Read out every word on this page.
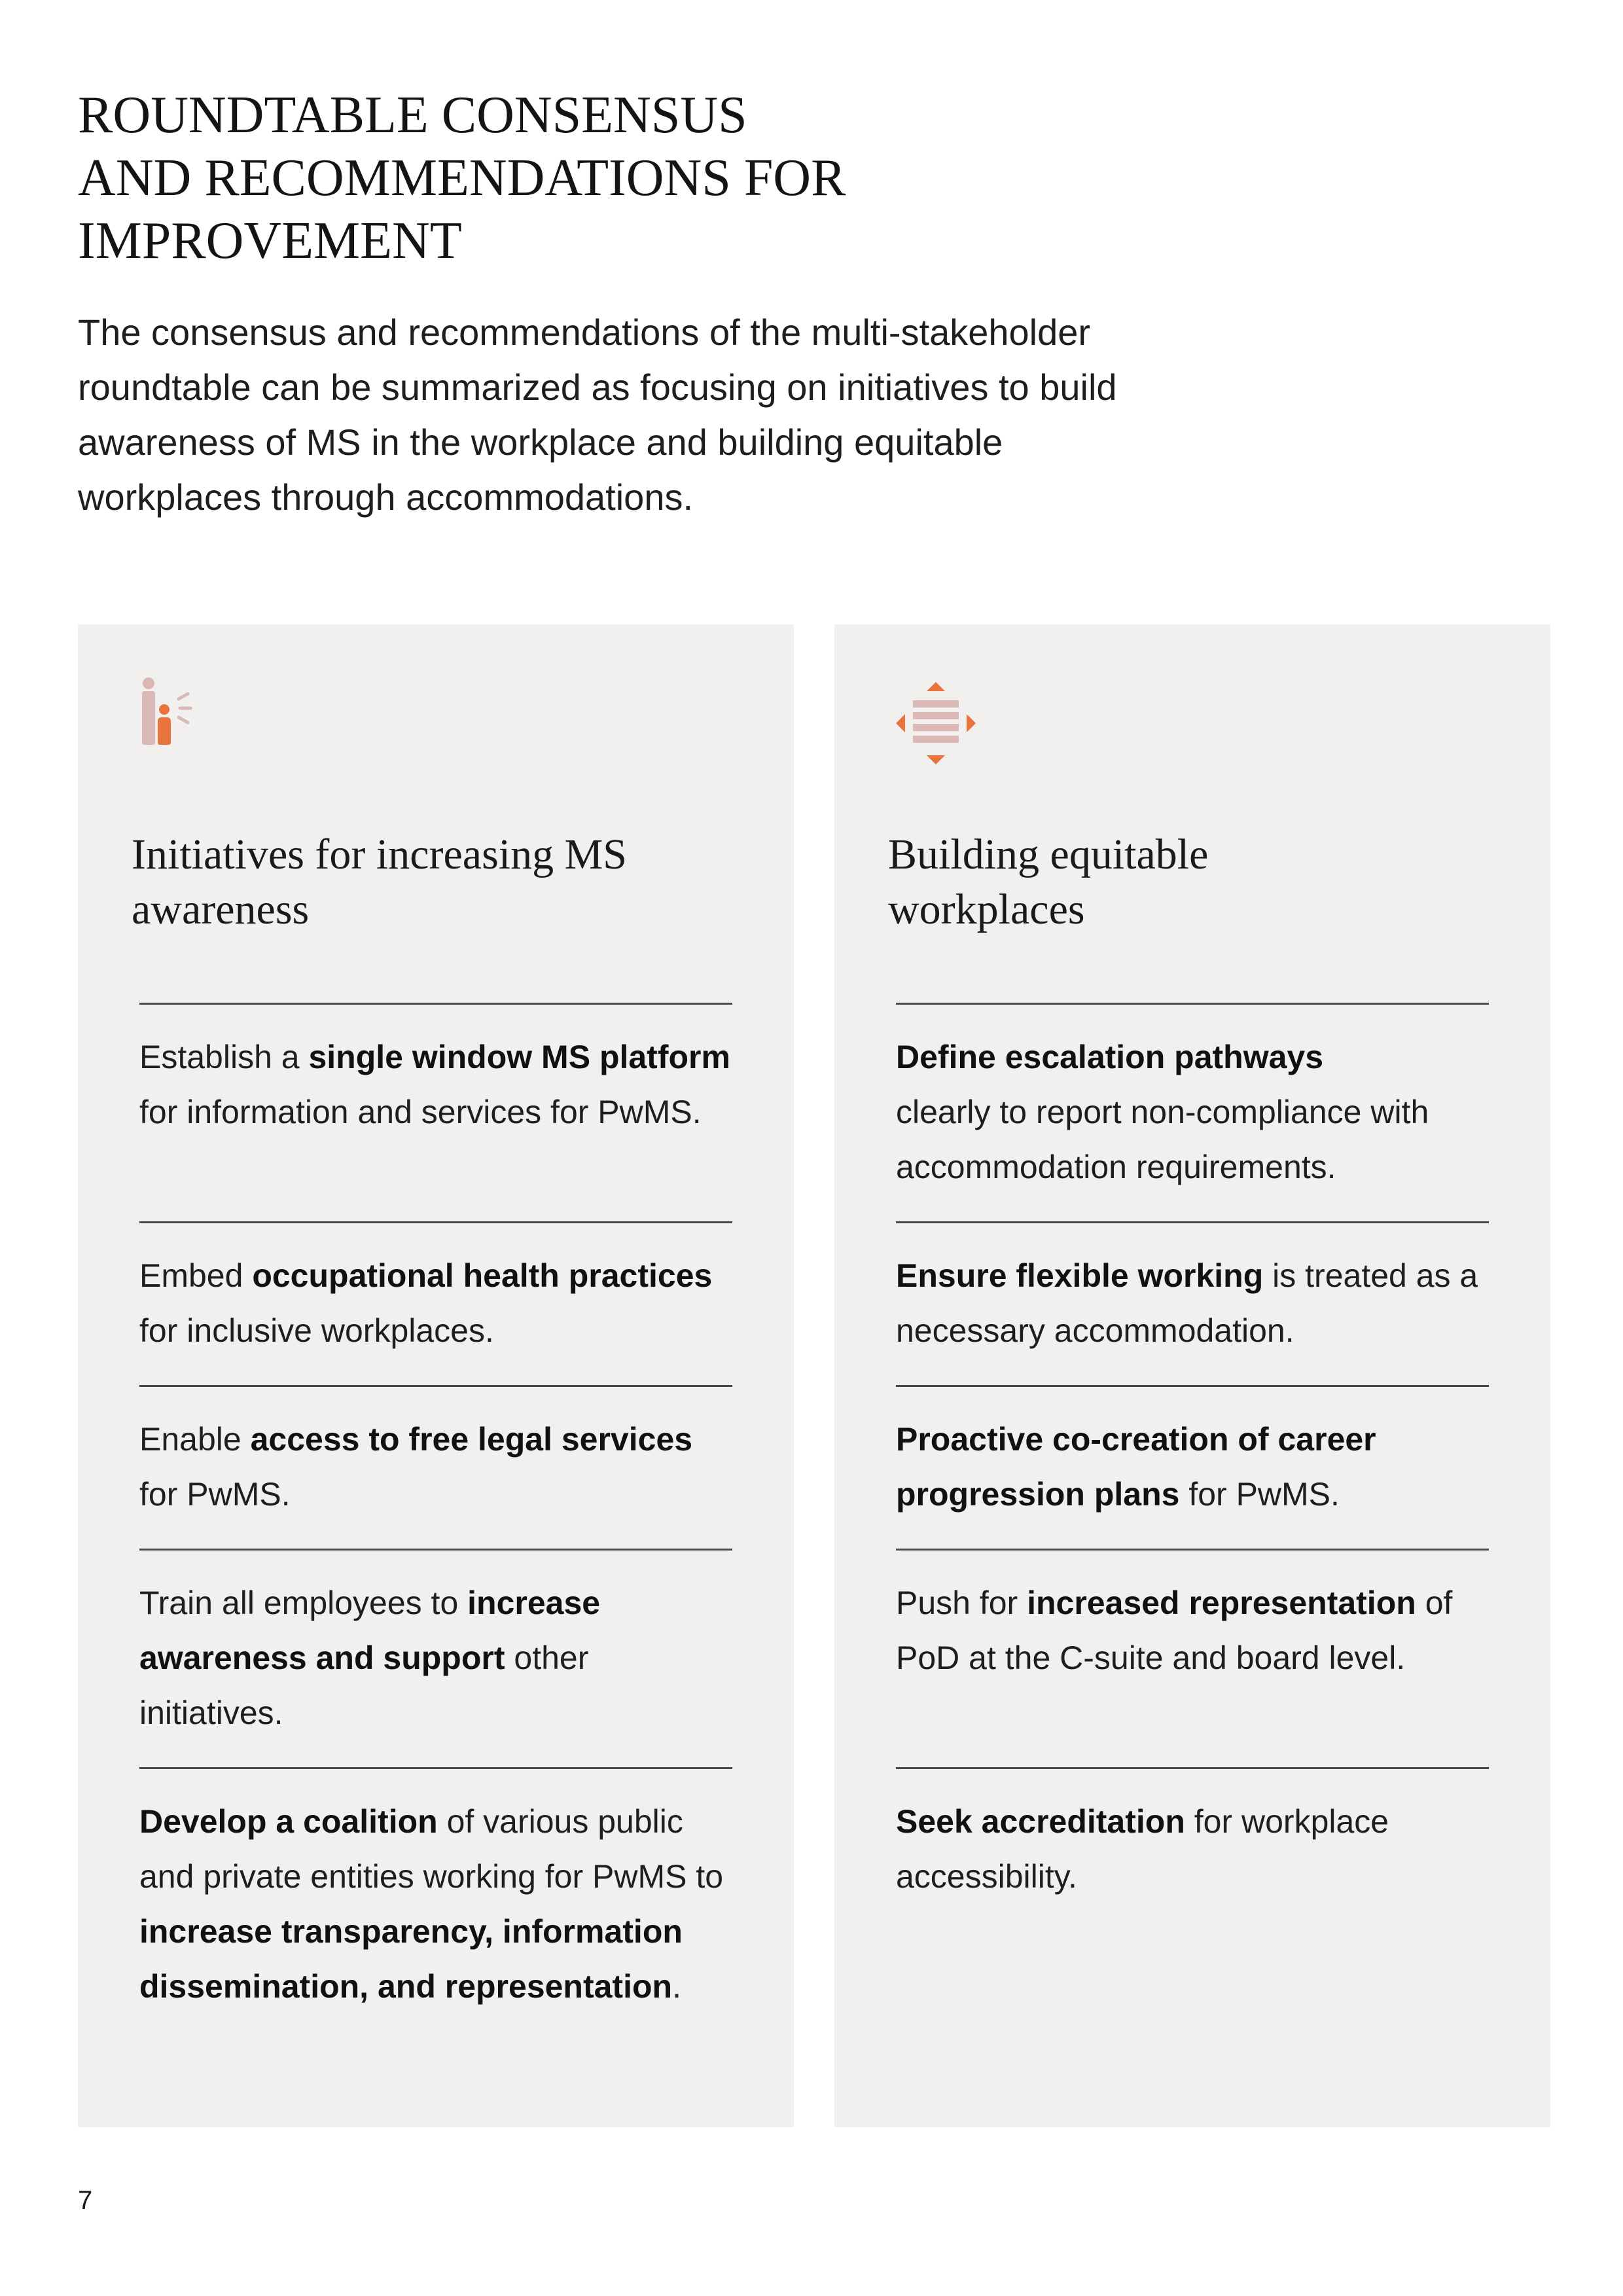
ROUNDTABLE CONSENSUS
AND RECOMMENDATIONS FOR
IMPROVEMENT

The consensus and recommendations of the multi-stakeholder roundtable can be summarized as focusing on initiatives to build awareness of MS in the workplace and building equitable workplaces through accommodations.

Initiatives for increasing MS awareness
Establish a single window MS platform for information and services for PwMS.
Embed occupational health practices for inclusive workplaces.
Enable access to free legal services for PwMS.
Train all employees to increase awareness and support other initiatives.
Develop a coalition of various public and private entities working for PwMS to increase transparency, information dissemination, and representation.
Building equitable workplaces
Define escalation pathways
clearly to report non-compliance with accommodation requirements.
Ensure flexible working is treated as a necessary accommodation.
Proactive co-creation of career progression plans for PwMS.
Push for increased representation of PoD at the C-suite and board level.
Seek accreditation for workplace accessibility.
7
